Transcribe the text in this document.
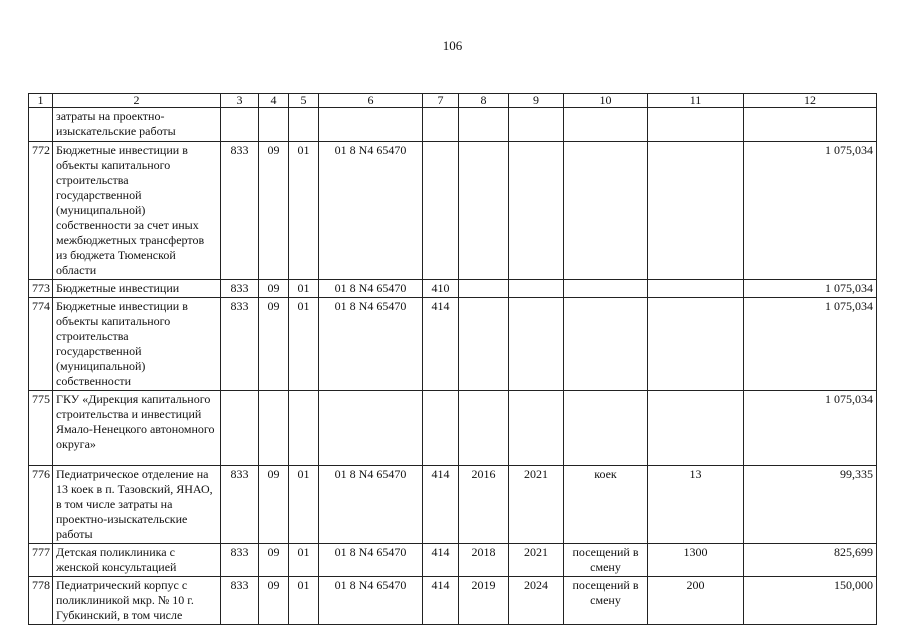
106
1	2	3	4	5	6	7	8	9	10	11	12
	затраты на проектно-изыскательские работы										
772	Бюджетные инвестиции в объекты капитального строительства государственной (муниципальной) собственности за счет иных межбюджетных трансфертов из бюджета Тюменской области	833	09	01	01 8 N4 65470						1 075,034
773	Бюджетные инвестиции	833	09	01	01 8 N4 65470	410					1 075,034
774	Бюджетные инвестиции в объекты капитального строительства государственной (муниципальной) собственности	833	09	01	01 8 N4 65470	414					1 075,034
775	ГКУ «Дирекция капитального строительства и инвестиций Ямало-Ненецкого автономного округа»										1 075,034
776	Педиатрическое отделение на 13 коек в п. Тазовский, ЯНАО, в том числе затраты на проектно-изыскательские работы	833	09	01	01 8 N4 65470	414	2016	2021	коек	13	99,335
777	Детская поликлиника с женской консультацией	833	09	01	01 8 N4 65470	414	2018	2021	посещений в смену	1300	825,699
778	Педиатрический корпус с поликлиникой мкр. № 10 г. Губкинский, в том числе	833	09	01	01 8 N4 65470	414	2019	2024	посещений в смену	200	150,000
